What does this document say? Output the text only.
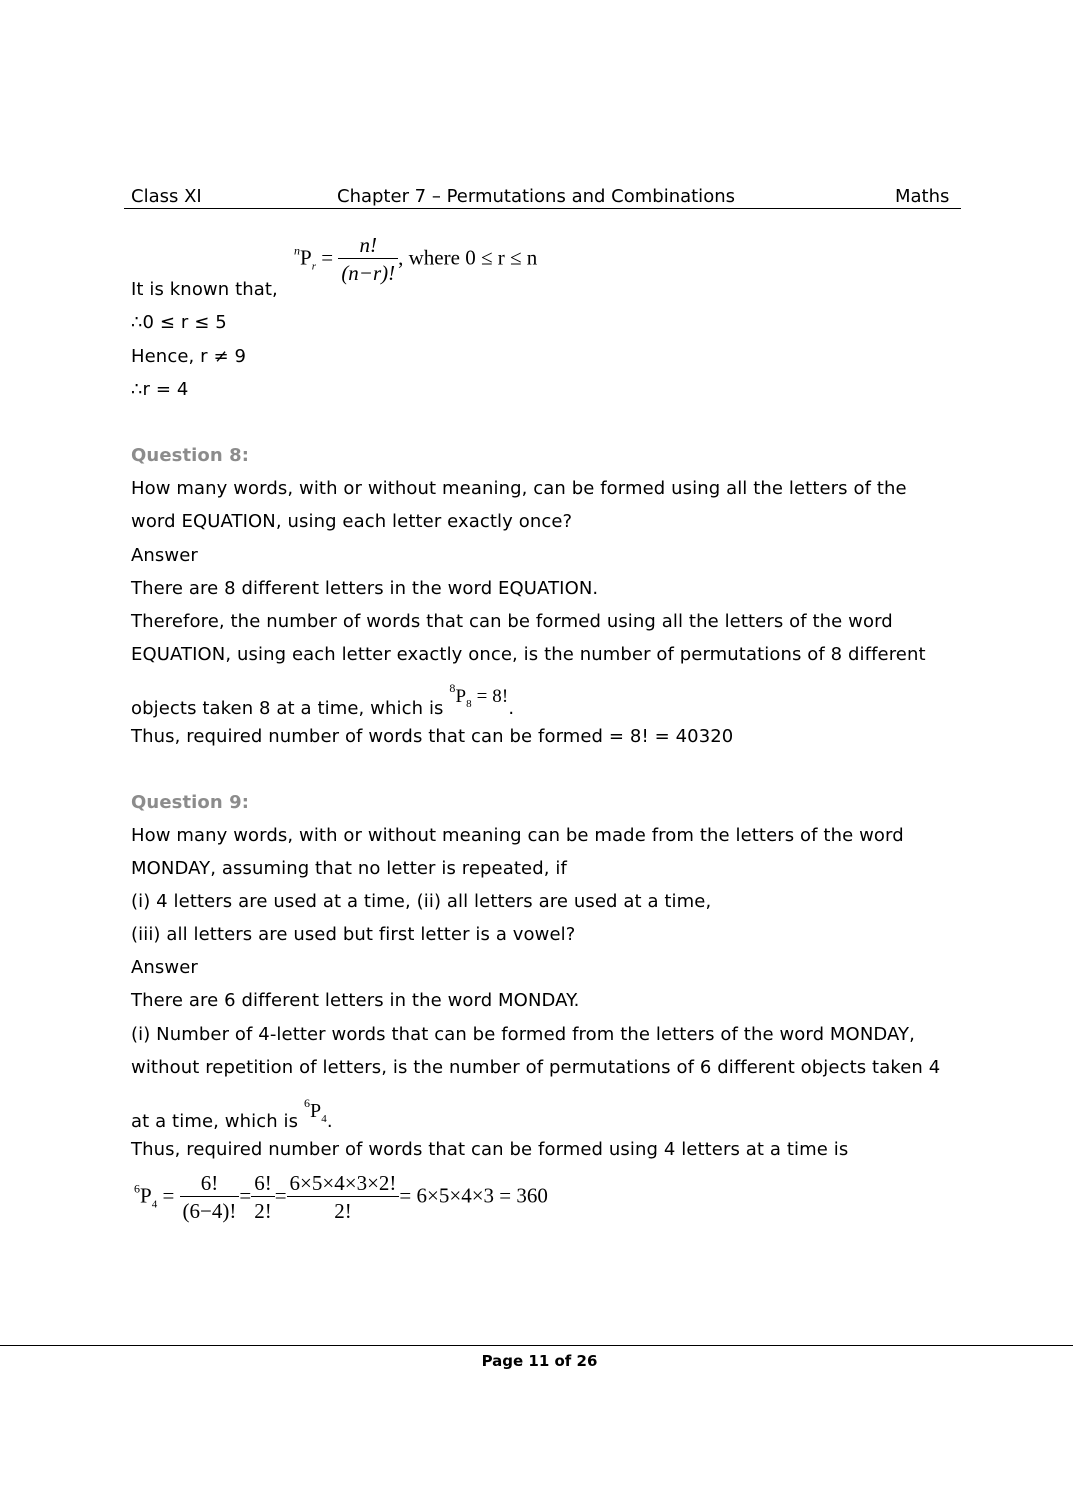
Class XI	Chapter 7 – Permutations and Combinations	Maths
It is known that,
$^nP_r = \frac{n!}{(n-r)!}$ , where 0 ≤ r ≤ n
∴0 ≤ r ≤ 5
Hence, r ≠ 9
∴r = 4
Question 8:
How many words, with or without meaning, can be formed using all the letters of the
word EQUATION, using each letter exactly once?
Answer
There are 8 different letters in the word EQUATION.
Therefore, the number of words that can be formed using all the letters of the word
EQUATION, using each letter exactly once, is the number of permutations of 8 different
objects taken 8 at a time, which is $^8P_8 = 8$!.
Thus, required number of words that can be formed = 8! = 40320
Question 9:
How many words, with or without meaning can be made from the letters of the word
MONDAY, assuming that no letter is repeated, if
(i) 4 letters are used at a time, (ii) all letters are used at a time,
(iii) all letters are used but first letter is a vowel?
Answer
There are 6 different letters in the word MONDAY.
(i) Number of 4-letter words that can be formed from the letters of the word MONDAY,
without repetition of letters, is the number of permutations of 6 different objects taken 4
at a time, which is $^6P_4$.
Thus, required number of words that can be formed using 4 letters at a time is
$^6P_4 = \frac{6!}{(6-4)!} = \frac{6!}{2!} = \frac{6\times 5\times 4\times 3\times 2!}{2!} = 6\times 5\times 4\times 3 = 360$
Page 11 of 26
